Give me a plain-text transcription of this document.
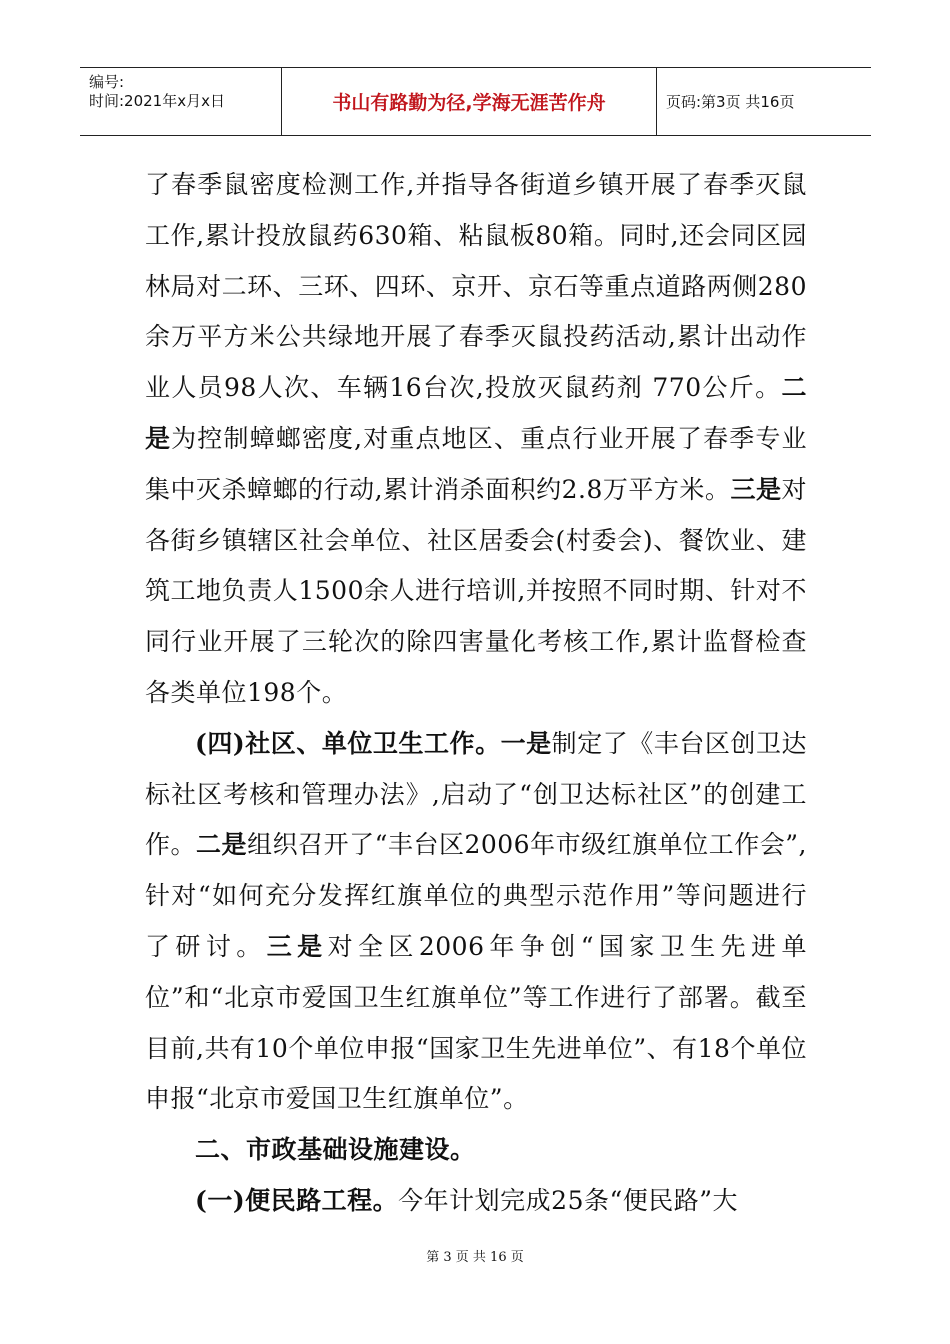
编号:
时间:2021年x月x日	书山有路勤为径,学海无涯苦作舟	页码:第3页 共16页

了春季鼠密度检测工作,并指导各街道乡镇开展了春季灭鼠工作,累计投放鼠药630箱、粘鼠板80箱。同时,还会同区园林局对二环、三环、四环、京开、京石等重点道路两侧280余万平方米公共绿地开展了春季灭鼠投药活动,累计出动作业人员98人次、车辆16台次,投放灭鼠药剂 770公斤。二是为控制蟑螂密度,对重点地区、重点行业开展了春季专业集中灭杀蟑螂的行动,累计消杀面积约2.8万平方米。三是对各街乡镇辖区社会单位、社区居委会(村委会)、餐饮业、建筑工地负责人1500余人进行培训,并按照不同时期、针对不同行业开展了三轮次的除四害量化考核工作,累计监督检查各类单位198个。

(四)社区、单位卫生工作。一是制定了《丰台区创卫达标社区考核和管理办法》,启动了“创卫达标社区”的创建工作。二是组织召开了“丰台区2006年市级红旗单位工作会”,针对“如何充分发挥红旗单位的典型示范作用”等问题进行了研讨。三是对全区2006年争创“国家卫生先进单位”和“北京市爱国卫生红旗单位”等工作进行了部署。截至目前,共有10个单位申报“国家卫生先进单位”、有18个单位申报“北京市爱国卫生红旗单位”。

二、市政基础设施建设。

(一)便民路工程。今年计划完成25条“便民路”大

第 3 页 共 16 页
